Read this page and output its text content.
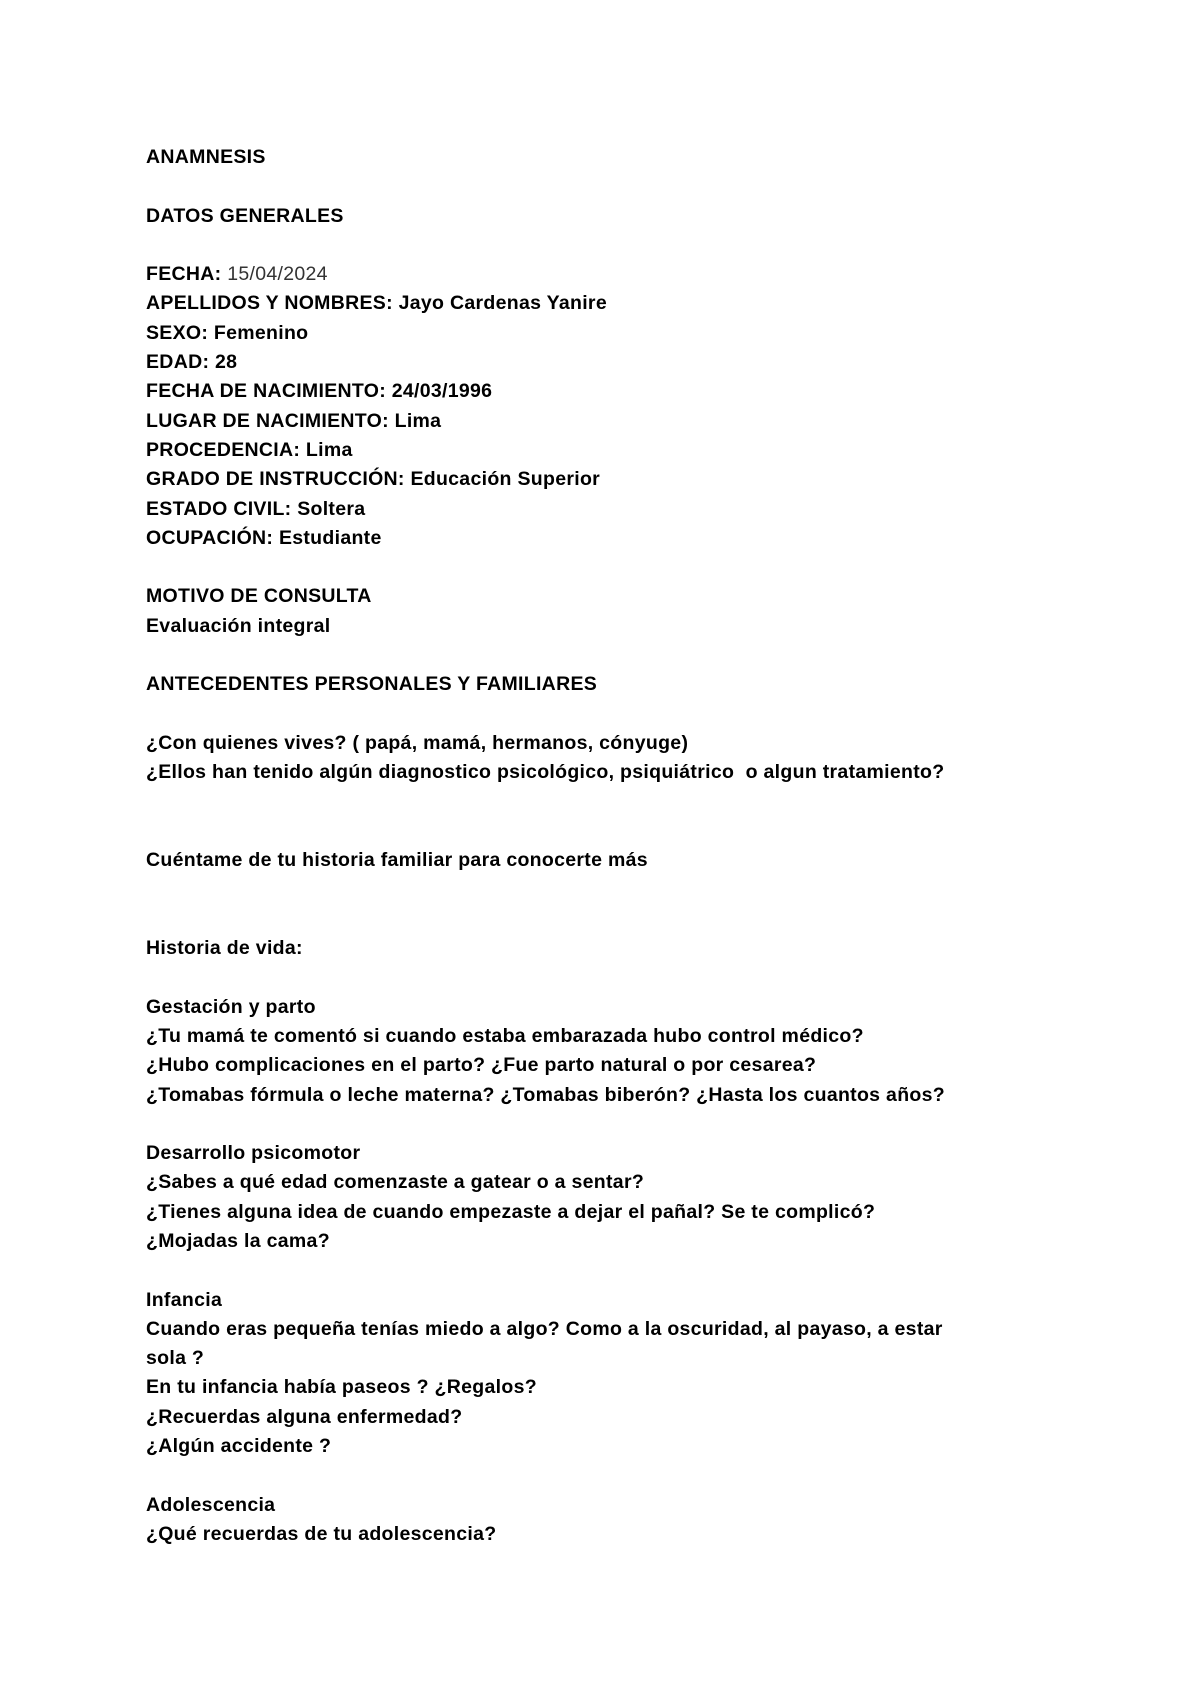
ANAMNESIS
DATOS GENERALES
FECHA: 15/04/2024
APELLIDOS Y NOMBRES: Jayo Cardenas Yanire
SEXO: Femenino
EDAD: 28
FECHA DE NACIMIENTO: 24/03/1996
LUGAR DE NACIMIENTO: Lima
PROCEDENCIA: Lima
GRADO DE INSTRUCCIÓN: Educación Superior
ESTADO CIVIL: Soltera
OCUPACIÓN: Estudiante
MOTIVO DE CONSULTA
Evaluación integral
ANTECEDENTES PERSONALES Y FAMILIARES
¿Con quienes vives? ( papá, mamá, hermanos, cónyuge)
¿Ellos han tenido algún diagnostico psicológico, psiquiátrico  o algun tratamiento?
Cuéntame de tu historia familiar para conocerte más
Historia de vida:
Gestación y parto
¿Tu mamá te comentó si cuando estaba embarazada hubo control médico?
¿Hubo complicaciones en el parto? ¿Fue parto natural o por cesarea?
¿Tomabas fórmula o leche materna? ¿Tomabas biberón? ¿Hasta los cuantos años?
Desarrollo psicomotor
¿Sabes a qué edad comenzaste a gatear o a sentar?
¿Tienes alguna idea de cuando empezaste a dejar el pañal? Se te complicó?
¿Mojadas la cama?
Infancia
Cuando eras pequeña tenías miedo a algo? Como a la oscuridad, al payaso, a estar
sola ?
En tu infancia había paseos ? ¿Regalos?
¿Recuerdas alguna enfermedad?
¿Algún accidente ?
Adolescencia
¿Qué recuerdas de tu adolescencia?
